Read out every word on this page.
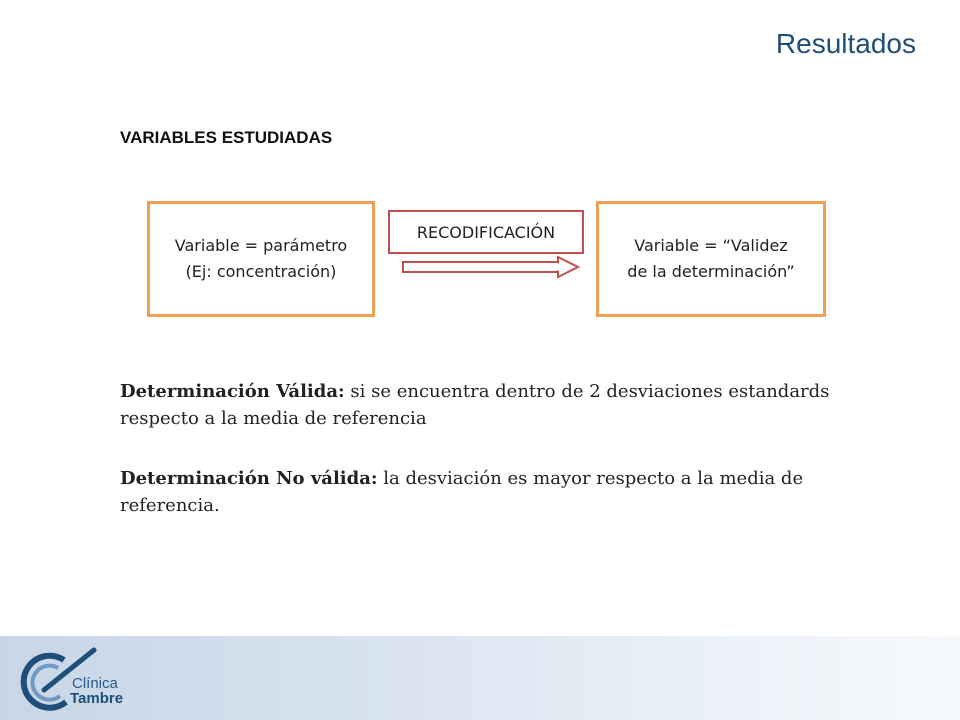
Resultados
VARIABLES ESTUDIADAS
Variable = parámetro
(Ej: concentración)
RECODIFICACIÓN
Variable = “Validez
de la determinación”
Determinación Válida: si se encuentra dentro de 2 desviaciones estandards respecto a la media de referencia
Determinación No válida: la desviación es mayor respecto a la media de referencia.
Clínica
Tambre
